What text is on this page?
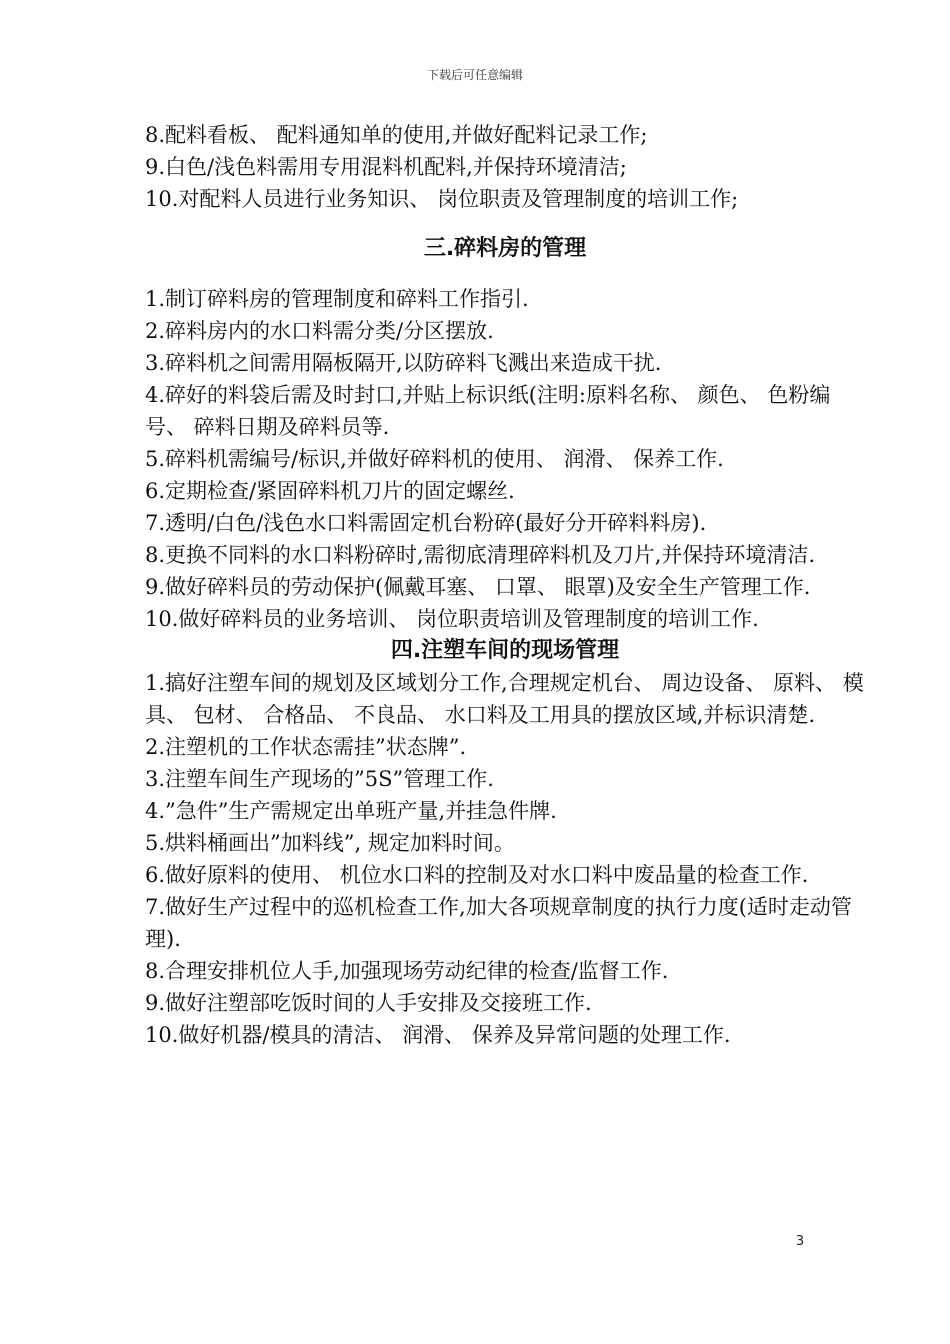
下载后可任意编辑

8.配料看板、 配料通知单的使用,并做好配料记录工作;

9.白色/浅色料需用专用混料机配料,并保持环境清洁;

10.对配料人员进行业务知识、 岗位职责及管理制度的培训工作;

三.碎料房的管理

1.制订碎料房的管理制度和碎料工作指引.

2.碎料房内的水口料需分类/分区摆放.

3.碎料机之间需用隔板隔开,以防碎料飞溅出来造成干扰.

4.碎好的料袋后需及时封口,并贴上标识纸(注明:原料名称、 颜色、 色粉编号、 碎料日期及碎料员等.

5.碎料机需编号/标识,并做好碎料机的使用、 润滑、 保养工作.

6.定期检查/紧固碎料机刀片的固定螺丝.

7.透明/白色/浅色水口料需固定机台粉碎(最好分开碎料料房).

8.更换不同料的水口料粉碎时,需彻底清理碎料机及刀片,并保持环境清洁.

9.做好碎料员的劳动保护(佩戴耳塞、 口罩、 眼罩)及安全生产管理工作.

10.做好碎料员的业务培训、 岗位职责培训及管理制度的培训工作.

四.注塑车间的现场管理

1.搞好注塑车间的规划及区域划分工作,合理规定机台、 周边设备、 原料、 模具、 包材、 合格品、 不良品、 水口料及工用具的摆放区域,并标识清楚.

2.注塑机的工作状态需挂”状态牌”.

3.注塑车间生产现场的”5S”管理工作.

4.”急件”生产需规定出单班产量,并挂急件牌.

5.烘料桶画出”加料线”, 规定加料时间。

6.做好原料的使用、 机位水口料的控制及对水口料中废品量的检查工作.

7.做好生产过程中的巡机检查工作,加大各项规章制度的执行力度(适时走动管理).

8.合理安排机位人手,加强现场劳动纪律的检查/监督工作.

9.做好注塑部吃饭时间的人手安排及交接班工作.

10.做好机器/模具的清洁、 润滑、 保养及异常问题的处理工作.

3
